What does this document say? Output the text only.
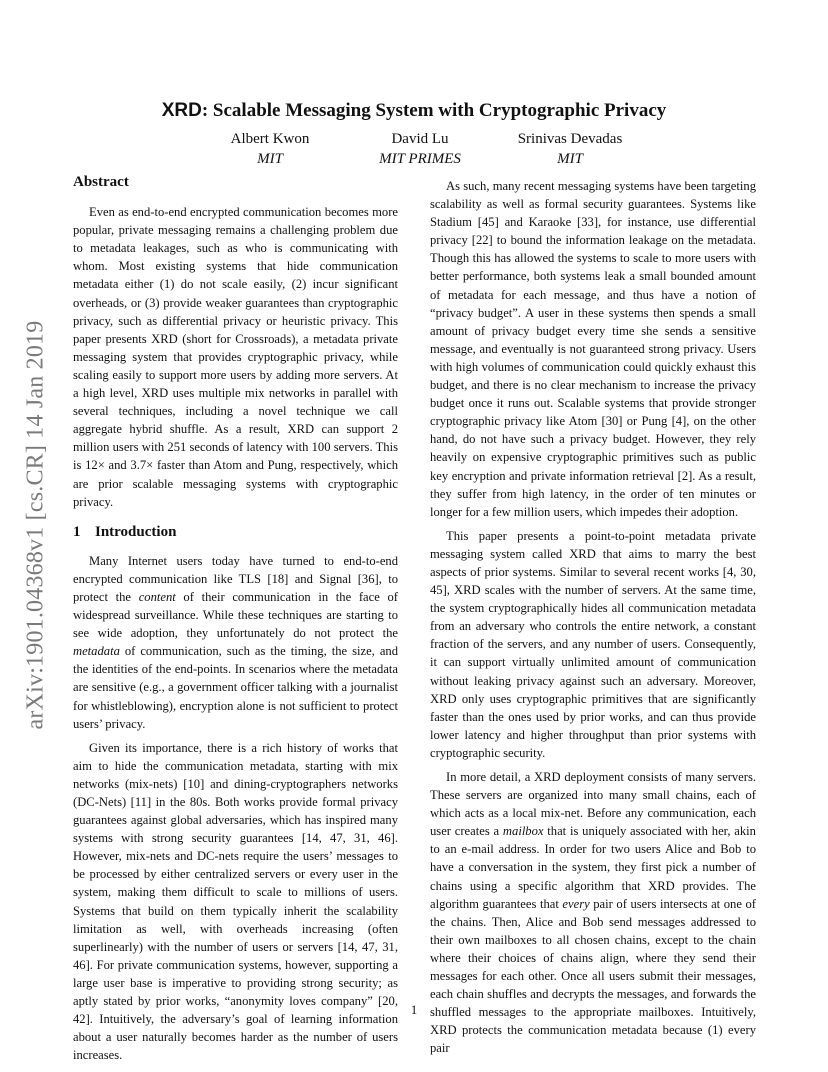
arXiv:1901.04368v1 [cs.CR] 14 Jan 2019
XRD: Scalable Messaging System with Cryptographic Privacy
Albert Kwon
MIT
David Lu
MIT PRIMES
Srinivas Devadas
MIT
Abstract

Even as end-to-end encrypted communication becomes more popular, private messaging remains a challenging problem due to metadata leakages, such as who is communicating with whom. Most existing systems that hide communication metadata either (1) do not scale easily, (2) incur significant overheads, or (3) provide weaker guarantees than cryptographic privacy, such as differential privacy or heuristic privacy. This paper presents XRD (short for Crossroads), a metadata private messaging system that provides cryptographic privacy, while scaling easily to support more users by adding more servers. At a high level, XRD uses multiple mix networks in parallel with several techniques, including a novel technique we call aggregate hybrid shuffle. As a result, XRD can support 2 million users with 251 seconds of latency with 100 servers. This is 12× and 3.7× faster than Atom and Pung, respectively, which are prior scalable messaging systems with cryptographic privacy.

1 Introduction

Many Internet users today have turned to end-to-end encrypted communication like TLS [18] and Signal [36], to protect the content of their communication in the face of widespread surveillance. While these techniques are starting to see wide adoption, they unfortunately do not protect the metadata of communication, such as the timing, the size, and the identities of the end-points. In scenarios where the metadata are sensitive (e.g., a government officer talking with a journalist for whistleblowing), encryption alone is not sufficient to protect users’ privacy.

Given its importance, there is a rich history of works that aim to hide the communication metadata, starting with mix networks (mix-nets) [10] and dining-cryptographers networks (DC-Nets) [11] in the 80s. Both works provide formal privacy guarantees against global adversaries, which has inspired many systems with strong security guarantees [14, 47, 31, 46]. However, mix-nets and DC-nets require the users’ messages to be processed by either centralized servers or every user in the system, making them difficult to scale to millions of users. Systems that build on them typically inherit the scalability limitation as well, with overheads increasing (often superlinearly) with the number of users or servers [14, 47, 31, 46]. For private communication systems, however, supporting a large user base is imperative to providing strong security; as aptly stated by prior works, “anonymity loves company” [20, 42]. Intuitively, the adversary’s goal of learning information about a user naturally becomes harder as the number of users increases.

As such, many recent messaging systems have been targeting scalability as well as formal security guarantees. Systems like Stadium [45] and Karaoke [33], for instance, use differential privacy [22] to bound the information leakage on the metadata. Though this has allowed the systems to scale to more users with better performance, both systems leak a small bounded amount of metadata for each message, and thus have a notion of “privacy budget”. A user in these systems then spends a small amount of privacy budget every time she sends a sensitive message, and eventually is not guaranteed strong privacy. Users with high volumes of communication could quickly exhaust this budget, and there is no clear mechanism to increase the privacy budget once it runs out. Scalable systems that provide stronger cryptographic privacy like Atom [30] or Pung [4], on the other hand, do not have such a privacy budget. However, they rely heavily on expensive cryptographic primitives such as public key encryption and private information retrieval [2]. As a result, they suffer from high latency, in the order of ten minutes or longer for a few million users, which impedes their adoption.

This paper presents a point-to-point metadata private messaging system called XRD that aims to marry the best aspects of prior systems. Similar to several recent works [4, 30, 45], XRD scales with the number of servers. At the same time, the system cryptographically hides all communication metadata from an adversary who controls the entire network, a constant fraction of the servers, and any number of users. Consequently, it can support virtually unlimited amount of communication without leaking privacy against such an adversary. Moreover, XRD only uses cryptographic primitives that are significantly faster than the ones used by prior works, and can thus provide lower latency and higher throughput than prior systems with cryptographic security.

In more detail, a XRD deployment consists of many servers. These servers are organized into many small chains, each of which acts as a local mix-net. Before any communication, each user creates a mailbox that is uniquely associated with her, akin to an e-mail address. In order for two users Alice and Bob to have a conversation in the system, they first pick a number of chains using a specific algorithm that XRD provides. The algorithm guarantees that every pair of users intersects at one of the chains. Then, Alice and Bob send messages addressed to their own mailboxes to all chosen chains, except to the chain where their choices of chains align, where they send their messages for each other. Once all users submit their messages, each chain shuffles and decrypts the messages, and forwards the shuffled messages to the appropriate mailboxes. Intuitively, XRD protects the communication metadata because (1) every pair

1
